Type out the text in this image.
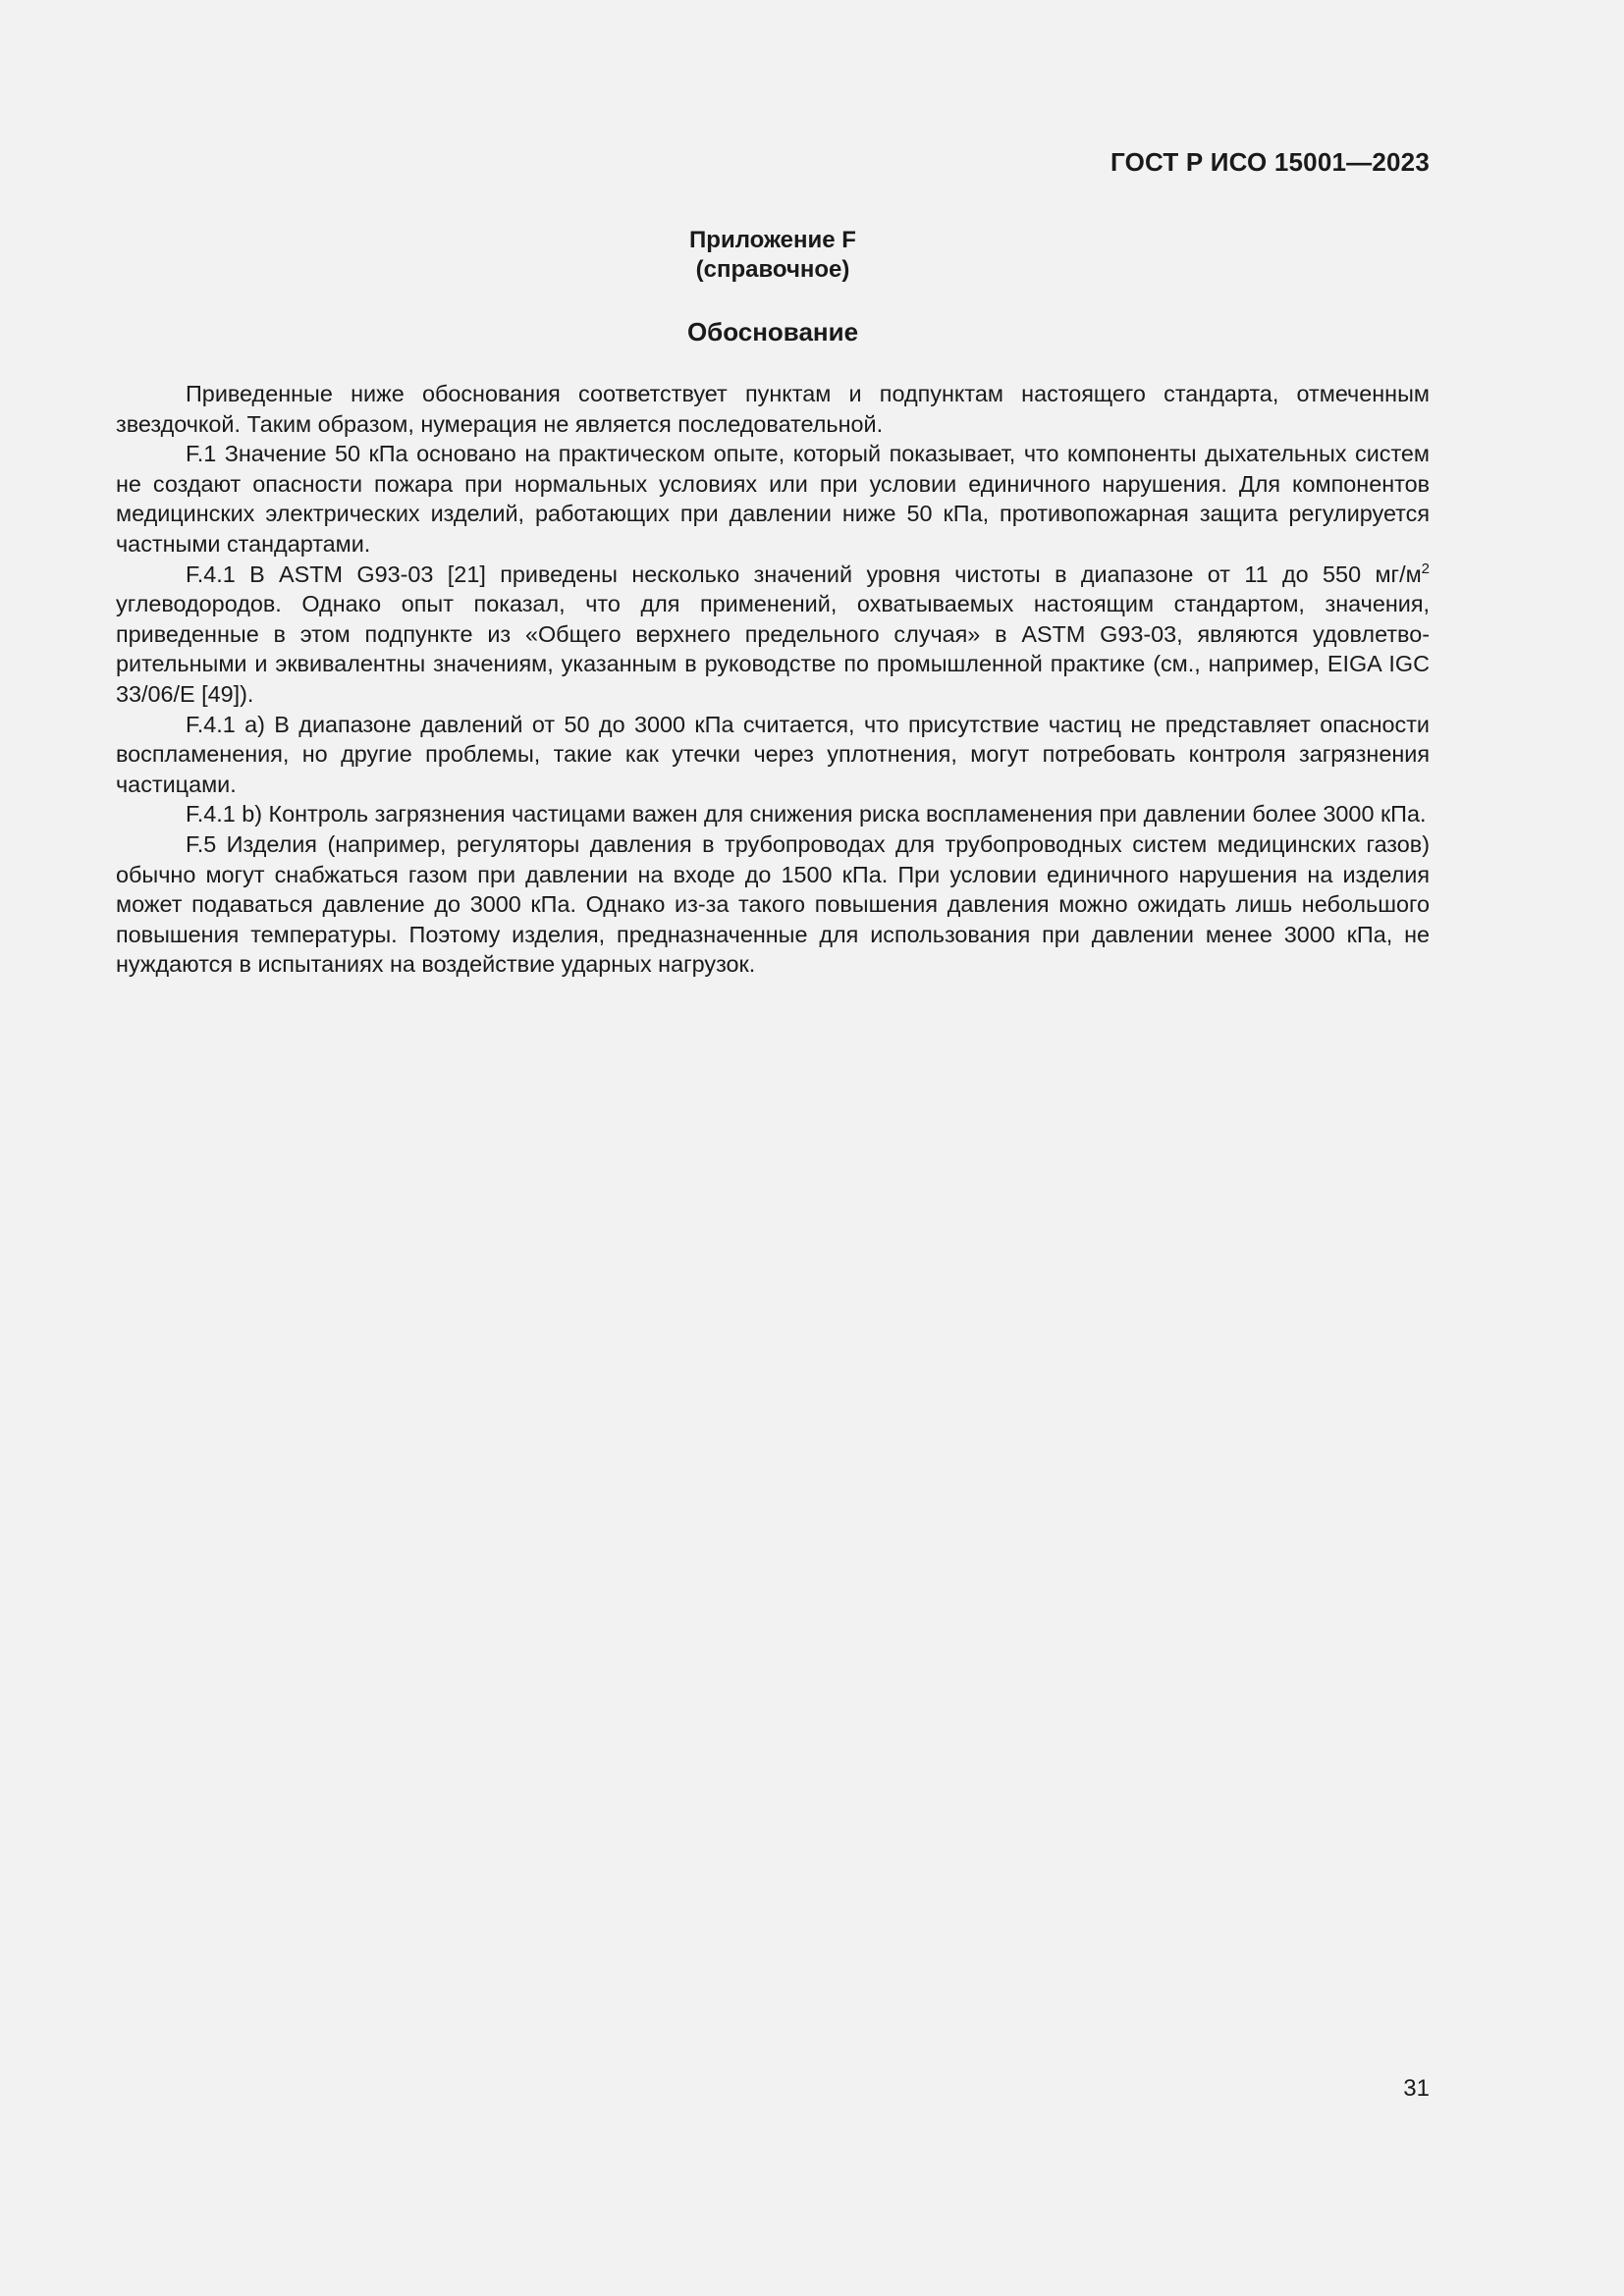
ГОСТ Р ИСО 15001—2023
Приложение F
(справочное)
Обоснование

Приведенные ниже обоснования соответствует пунктам и подпунктам настоящего стандарта, отмеченным звездочкой. Таким образом, нумерация не является последовательной.

F.1 Значение 50 кПа основано на практическом опыте, который показывает, что компоненты дыхательных систем не создают опасности пожара при нормальных условиях или при условии единичного нарушения. Для компонентов медицинских электрических изделий, работающих при давлении ниже 50 кПа, противопожарная защита регулируется частными стандартами.

F.4.1 В ASTM G93-03 [21] приведены несколько значений уровня чистоты в диапазоне от 11 до 550 $мг/м^2$ углеводородов. Однако опыт показал, что для применений, охватываемых настоящим стандартом, значения, приведенные в этом подпункте из «Общего верхнего предельного случая» в ASTM G93-03, являются удовлетворительными и эквивалентны значениям, указанным в руководстве по промышленной практике (см., например, EIGA IGC 33/06/E [49]).

F.4.1 a) В диапазоне давлений от 50 до 3000 кПа считается, что присутствие частиц не представляет опасности воспламенения, но другие проблемы, такие как утечки через уплотнения, могут потребовать контроля загрязнения частицами.

F.4.1 b) Контроль загрязнения частицами важен для снижения риска воспламенения при давлении более 3000 кПа.

F.5 Изделия (например, регуляторы давления в трубопроводах для трубопроводных систем медицинских газов) обычно могут снабжаться газом при давлении на входе до 1500 кПа. При условии единичного нарушения на изделия может подаваться давление до 3000 кПа. Однако из-за такого повышения давления можно ожидать лишь небольшого повышения температуры. Поэтому изделия, предназначенные для использования при давлении менее 3000 кПа, не нуждаются в испытаниях на воздействие ударных нагрузок.

31
